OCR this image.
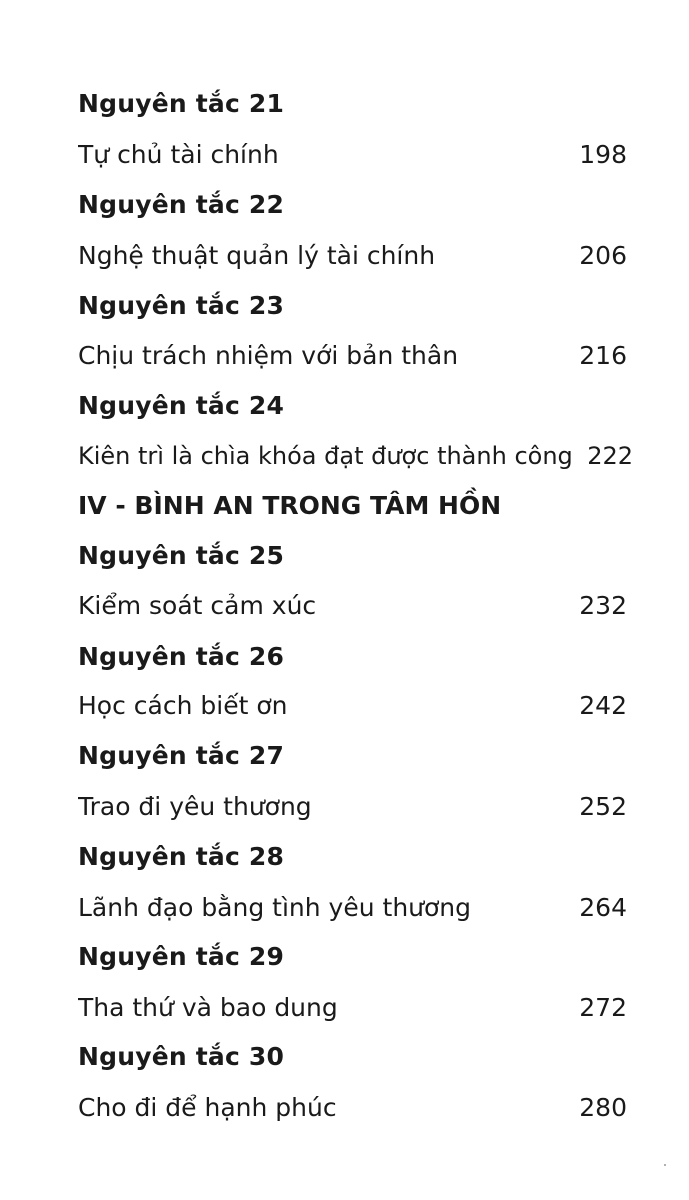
Nguyên tắc 21
Tự chủ tài chính	198
Nguyên tắc 22
Nghệ thuật quản lý tài chính	206
Nguyên tắc 23
Chịu trách nhiệm với bản thân	216
Nguyên tắc 24
Kiên trì là chìa khóa đạt được thành công 222
IV - BÌNH AN TRONG TÂM HỒN
Nguyên tắc 25
Kiểm soát cảm xúc	232
Nguyên tắc 26
Học cách biết ơn	242
Nguyên tắc 27
Trao đi yêu thương	252
Nguyên tắc 28
Lãnh đạo bằng tình yêu thương	264
Nguyên tắc 29
Tha thứ và bao dung	272
Nguyên tắc 30
Cho đi để hạnh phúc	280
